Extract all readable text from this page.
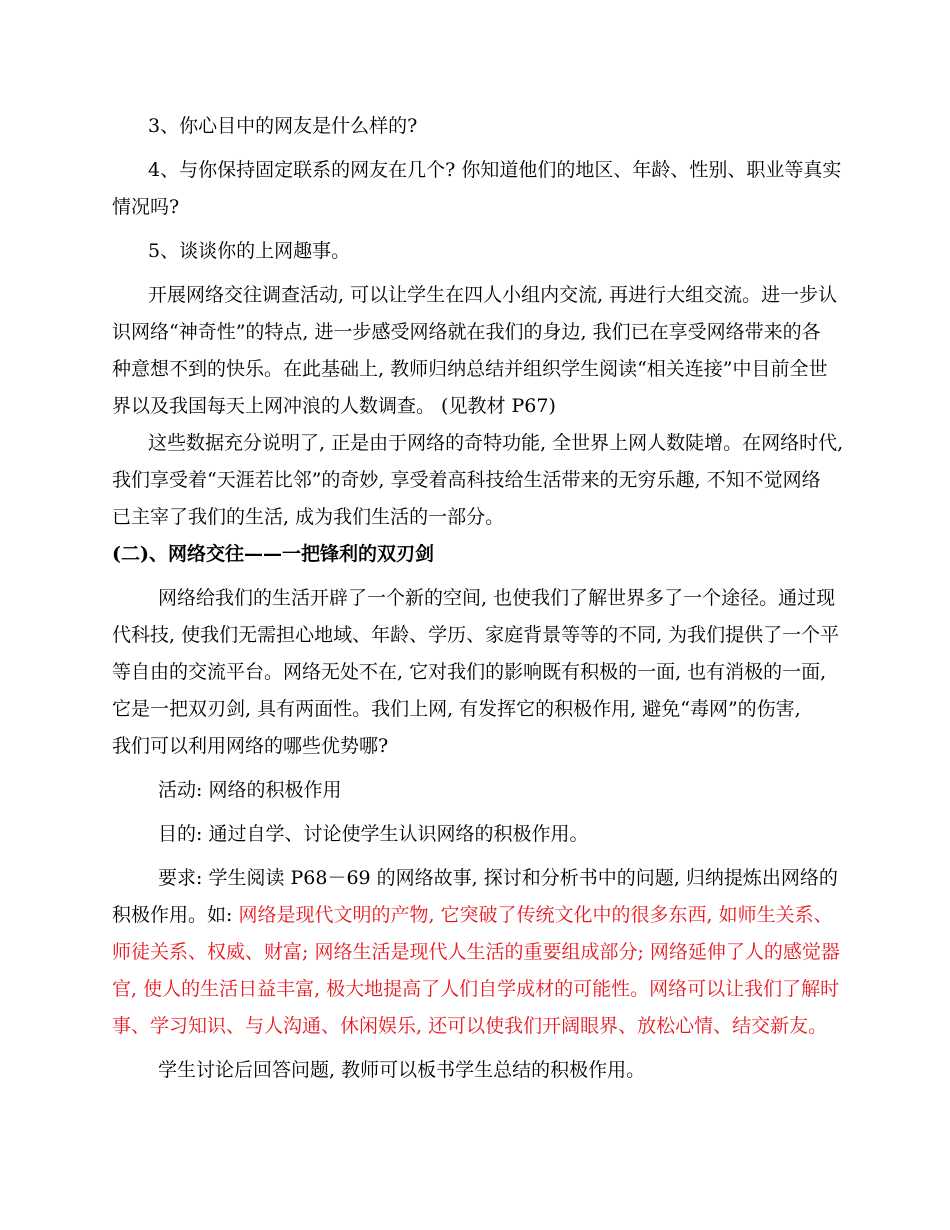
3、你心目中的网友是什么样的?
4、与你保持固定联系的网友在几个? 你知道他们的地区、年龄、性别、职业等真实
情况吗?
5、谈谈你的上网趣事。
开展网络交往调查活动, 可以让学生在四人小组内交流, 再进行大组交流。进一步认
识网络“神奇性”的特点, 进一步感受网络就在我们的身边, 我们已在享受网络带来的各
种意想不到的快乐。在此基础上, 教师归纳总结并组织学生阅读“相关连接”中目前全世
界以及我国每天上网冲浪的人数调查。 (见教材 P67)
这些数据充分说明了, 正是由于网络的奇特功能, 全世界上网人数陡增。在网络时代,
我们享受着“天涯若比邻”的奇妙, 享受着高科技给生活带来的无穷乐趣, 不知不觉网络
已主宰了我们的生活, 成为我们生活的一部分。
(二)、网络交往——一把锋利的双刃剑
网络给我们的生活开辟了一个新的空间, 也使我们了解世界多了一个途径。通过现
代科技, 使我们无需担心地域、年龄、学历、家庭背景等等的不同, 为我们提供了一个平
等自由的交流平台。网络无处不在, 它对我们的影响既有积极的一面, 也有消极的一面,
它是一把双刃剑, 具有两面性。我们上网, 有发挥它的积极作用, 避免“毒网”的伤害,
我们可以利用网络的哪些优势哪?
活动: 网络的积极作用
目的: 通过自学、讨论使学生认识网络的积极作用。
要求: 学生阅读 P68－69 的网络故事, 探讨和分析书中的问题, 归纳提炼出网络的
积极作用。如: 网络是现代文明的产物, 它突破了传统文化中的很多东西, 如师生关系、
师徒关系、权威、财富; 网络生活是现代人生活的重要组成部分; 网络延伸了人的感觉器
官, 使人的生活日益丰富, 极大地提高了人们自学成材的可能性。网络可以让我们了解时
事、学习知识、与人沟通、休闲娱乐, 还可以使我们开阔眼界、放松心情、结交新友。
学生讨论后回答问题, 教师可以板书学生总结的积极作用。
